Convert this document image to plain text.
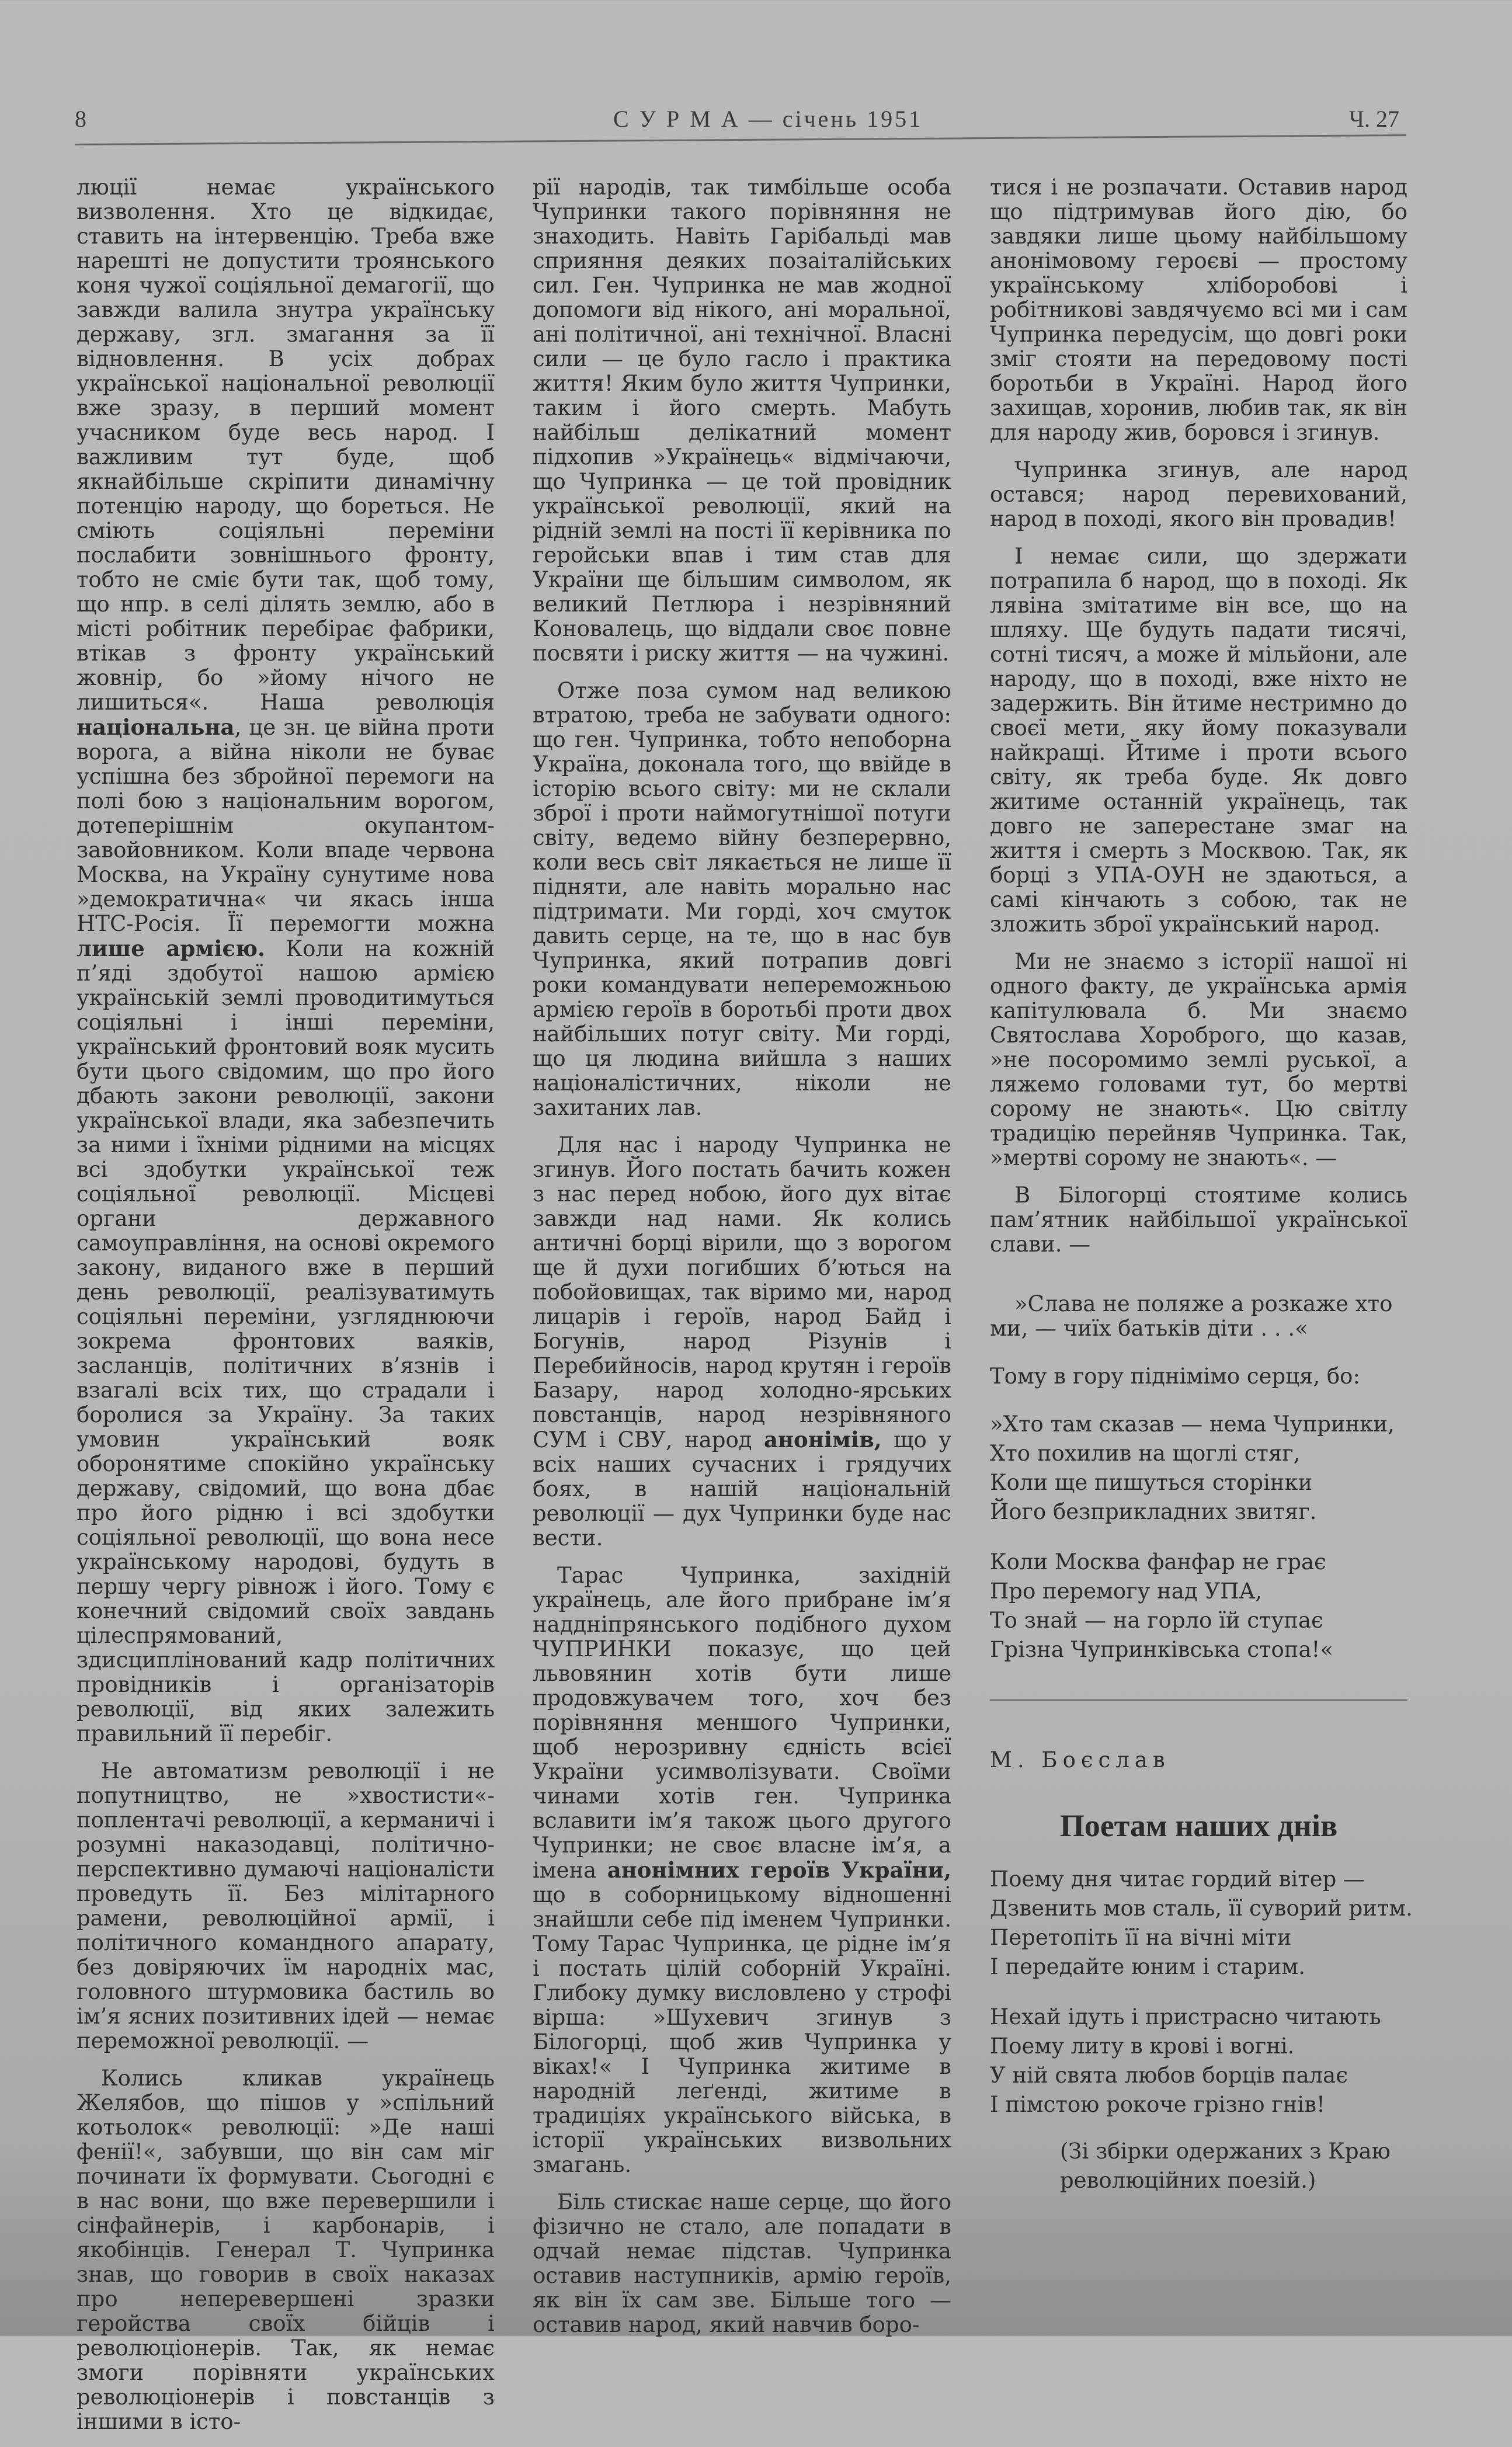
8	С У Р М А — січень 1951	Ч. 27

люції немає українського визволення. Хто це відкидає, ставить на інтервенцію. Треба вже нарешті не допустити троянського коня чужої соціяльної демагогії, що завжди валила знутра українську державу, згл. змагання за її відновлення. В усіх добрах української національної революції вже зразу, в перший момент учасником буде весь народ. І важливим тут буде, щоб якнайбільше скріпити динамічну потенцію народу, що бореться. Не сміють соціяльні переміни послабити зовнішнього фронту, тобто не сміє бути так, щоб тому, що нпр. в селі ділять землю, або в місті робітник перебірає фабрики, втікав з фронту український жовнір, бо »йому нічого не лишиться«. Наша революція національна, це зн. це війна проти ворога, а війна ніколи не буває успішна без збройної перемоги на полі бою з національним ворогом, дотеперішнім окупантом-завойовником. Коли впаде червона Москва, на Україну сунутиме нова »демократична« чи якась інша НТС-Росія. Її перемогти можна лише армією. Коли на кожній п’яді здобутої нашою армією українській землі проводитимуться соціяльні і інші переміни, український фронтовий вояк мусить бути цього свідомим, що про його дбають закони революції, закони української влади, яка забезпечить за ними і їхніми рідними на місцях всі здобутки української теж соціяльної революції. Місцеві органи державного самоуправління, на основі окремого закону, виданого вже в перший день революції, реалізуватимуть соціяльні переміни, узгляднюючи зокрема фронтових ваяків, засланців, політичних в’язнів і взагалі всіх тих, що страдали і боролися за Україну. За таких умовин український вояк оборонятиме спокійно українську державу, свідомий, що вона дбає про його рідню і всі здобутки соціяльної революції, що вона несе українському народові, будуть в першу чергу рівнож і його. Тому є конечний свідомий своїх завдань цілеспрямований, здисциплінований кадр політичних провідників і організаторів революції, від яких залежить правильний її перебіг.

Не автоматизм революції і не попутництво, не »хвостисти«-поплентачі революції, а керманичі і розумні наказодавці, політично-перспективно думаючі націоналісти проведуть її. Без мілітарного рамени, революційної армії, і політичного командного апарату, без довіряючих їм народніх мас, головного штурмовика бастиль во ім’я ясних позитивних ідей — немає переможної революції. —

Колись кликав українець Желябов, що пішов у »спільний котьолок« революції: »Де наші фенії!«, забувши, що він сам міг починати їх формувати. Сьогодні є в нас вони, що вже перевершили і сінфайнерів, і карбонарів, і якобінців. Генерал Т. Чупринка знав, що говорив в своїх наказах про неперевершені зразки геройства своїх бійців і революціонерів. Так, як немає змоги порівняти українських революціонерів і повстанців з іншими в істо-

рії народів, так тимбільше особа Чупринки такого порівняння не знаходить. Навіть Гарібальді мав сприяння деяких позаіталійських сил. Ген. Чупринка не мав жодної допомоги від нікого, ані моральної, ані політичної, ані технічної. Власні сили — це було гасло і практика життя! Яким було життя Чупринки, таким і його смерть. Мабуть найбільш делікатний момент підхопив »Українець« відмічаючи, що Чупринка — це той провідник української революції, який на рідній землі на пості її керівника по геройськи впав і тим став для України ще більшим символом, як великий Петлюра і незрівняний Коновалець, що віддали своє повне посвяти і риску життя — на чужині.

Отже поза сумом над великою втратою, треба не забувати одного: що ген. Чупринка, тобто непоборна Україна, доконала того, що ввійде в історію всього світу: ми не склали зброї і проти наймогутнішої потуги світу, ведемо війну безперервно, коли весь світ лякається не лише її підняти, але навіть морально нас підтримати. Ми горді, хоч смуток давить серце, на те, що в нас був Чупринка, який потрапив довгі роки командувати непереможньою армією героїв в боротьбі проти двох найбільших потуг світу. Ми горді, що ця людина вийшла з наших націоналістичних, ніколи не захитаних лав.

Для нас і народу Чупринка не згинув. Його постать бачить кожен з нас перед нобою, його дух вітає завжди над нами. Як колись античні борці вірили, що з ворогом ще й духи погибших б’ються на побойовищах, так віримо ми, народ лицарів і героїв, народ Байд і Богунів, народ Різунів і Перебийносів, народ крутян і героїв Базару, народ холодно-ярських повстанців, народ незрівняного СУМ і СВУ, народ анонімів, що у всіх наших сучасних і грядучих боях, в нашій національній революції — дух Чупринки буде нас вести.

Тарас Чупринка, західній українець, але його прибране ім’я наддніпрянського подібного духом ЧУПРИНКИ показує, що цей львовянин хотів бути лише продовжувачем того, хоч без порівняння меншого Чупринки, щоб нерозривну єдність всієї України усимволізувати. Своїми чинами хотів ген. Чупринка вславити ім’я також цього другого Чупринки; не своє власне ім’я, а імена анонімних героїв України, що в соборницькому відношенні знайшли себе під іменем Чупринки. Тому Тарас Чупринка, це рідне ім’я і постать цілій соборній Україні. Глибоку думку висловлено у строфі вірша: »Шухевич згинув з Білогорці, щоб жив Чупринка у віках!« І Чупринка житиме в народній леґенді, житиме в традиціях українського війська, в історії українських визвольних змагань.

Біль стискає наше серце, що його фізично не стало, але попадати в одчай немає підстав. Чупринка оставив наступників, армію героїв, як він їх сам зве. Більше того — оставив народ, який навчив боро-

тися і не розпачати. Оставив народ що підтримував його дію, бо завдяки лише цьому найбільшому анонімовому героєві — простому українському хліборобові і робітникові завдячуємо всі ми і сам Чупринка передусім, що довгі роки зміг стояти на передовому пості боротьби в Україні. Народ його захищав, хоронив, любив так, як він для народу жив, боровся і згинув.

Чупринка згинув, але народ остався; народ перевихований, народ в поході, якого він провадив!

І немає сили, що здержати потрапила б народ, що в поході. Як лявіна змітатиме він все, що на шляху. Ще будуть падати тисячі, сотні тисяч, а може й мільйони, але народу, що в поході, вже ніхто не задержить. Він йтиме нестримно до своєї мети, яку йому показували найкращі. Йтиме і проти всього світу, як треба буде. Як довго житиме останній українець, так довго не заперестане змаг на життя і смерть з Москвою. Так, як борці з УПА-ОУН не здаються, а самі кінчають з собою, так не зложить зброї український народ.

Ми не знаємо з історії нашої ні одного факту, де українська армія капітулювала б. Ми знаємо Святослава Хороброго, що казав, »не посоромимо землі руської, а ляжемо головами тут, бо мертві сорому не знають«. Цю світлу традицію перейняв Чупринка. Так, »мертві сорому не знають«. —

В Білогорці стоятиме колись пам’ятник найбільшої української слави. —

»Слава не поляже а розкаже хто ми, — чиїх батьків діти . . .«

Тому в гору піднімімо серця, бо:

»Хто там сказав — нема Чупринки,
Хто похилив на щоглі стяг,
Коли ще пишуться сторінки
Його безприкладних звитяг.
Коли Москва фанфар не грає
Про перемогу над УПА,
То знай — на горло їй ступає
Грізна Чупринківська стопа!«
М. Боєслав
Поетам наших днів
Поему дня читає гордий вітер —
Дзвенить мов сталь, її суворий ритм.
Перетопіть її на вічні міти
І передайте юним і старим.
Нехай ідуть і пристрасно читають
Поему литу в крові і вогні.
У ній свята любов борців палає
І пімстою рокоче грізно гнів!
(Зі збірки одержаних з Краю революційних поезій.)
